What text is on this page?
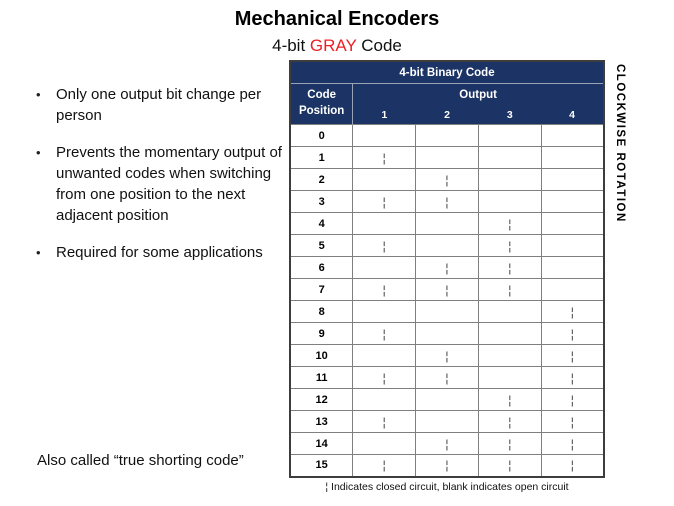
Mechanical Encoders
4-bit GRAY Code
• Only one output bit change per person
• Prevents the momentary output of unwanted codes when switching from one position to the next adjacent position
• Required for some applications
Also called “true shorting code”
CLOCKWISE ROTATION
4-bit Binary Code				
Code Position	Output			
	1	2	3	4
0				
1	¦			
2		¦		
3	¦	¦		
4			¦	
5	¦		¦	
6		¦	¦	
7	¦	¦	¦	
8				¦
9	¦			¦
10		¦		¦
11	¦	¦		¦
12			¦	¦
13	¦		¦	¦
14		¦	¦	¦
15	¦	¦	¦	¦
¦ Indicates closed circuit, blank indicates open circuit
